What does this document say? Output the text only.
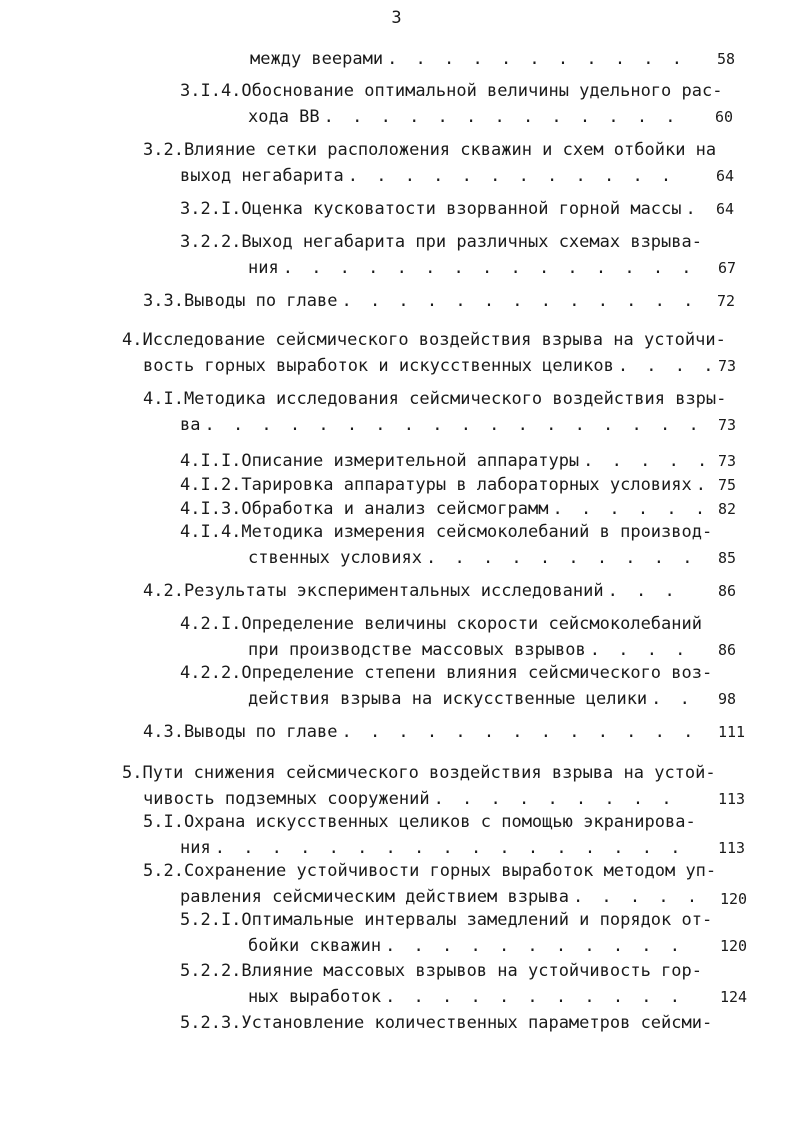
3
между веерами . . .	58
3.I.4.Обоснование оптимальной величины удельного рас-
хода ВВ . . .	60
3.2.Влияние сетки расположения скважин и схем отбойки на
выход негабарита . . .	64
3.2.I.Оценка кусковатости взорванной горной массы . . . 64
3.2.2.Выход негабарита при различных схемах взрыва-
ния . . .	67
3.3.Выводы по главе . . .	72
4.Исследование сейсмического воздействия взрыва на устойчи-
вость горных выработок и искусственных целиков . . .	73
4.I.Методика исследования сейсмического воздействия взры-
ва . . .	73
4.I.I.Описание измерительной аппаратуры . . .	73
4.I.2.Тарировка аппаратуры в лабораторных условиях . . . 75
4.I.3.Обработка и анализ сейсмограмм . . .	82
4.I.4.Методика измерения сейсмоколебаний в производ-
ственных условиях . . .	85
4.2.Результаты экспериментальных исследований . . .	86
4.2.I.Определение величины скорости сейсмоколебаний
при производстве массовых взрывов . . .	86
4.2.2.Определение степени влияния сейсмического воз-
действия взрыва на искусственные целики . . .	98
4.3.Выводы по главе . . .	111
5.Пути снижения сейсмического воздействия взрыва на устой-
чивость подземных сооружений . . .	113
5.I.Охрана искусственных целиков с помощью экранирова-
ния . . .	113
5.2.Сохранение устойчивости горных выработок методом уп-
равления сейсмическим действием взрыва . . .	120
5.2.I.Оптимальные интервалы замедлений и порядок от-
бойки скважин . . .	120
5.2.2.Влияние массовых взрывов на устойчивость гор-
ных выработок . . .	124
5.2.3.Установление количественных параметров сейсми-
